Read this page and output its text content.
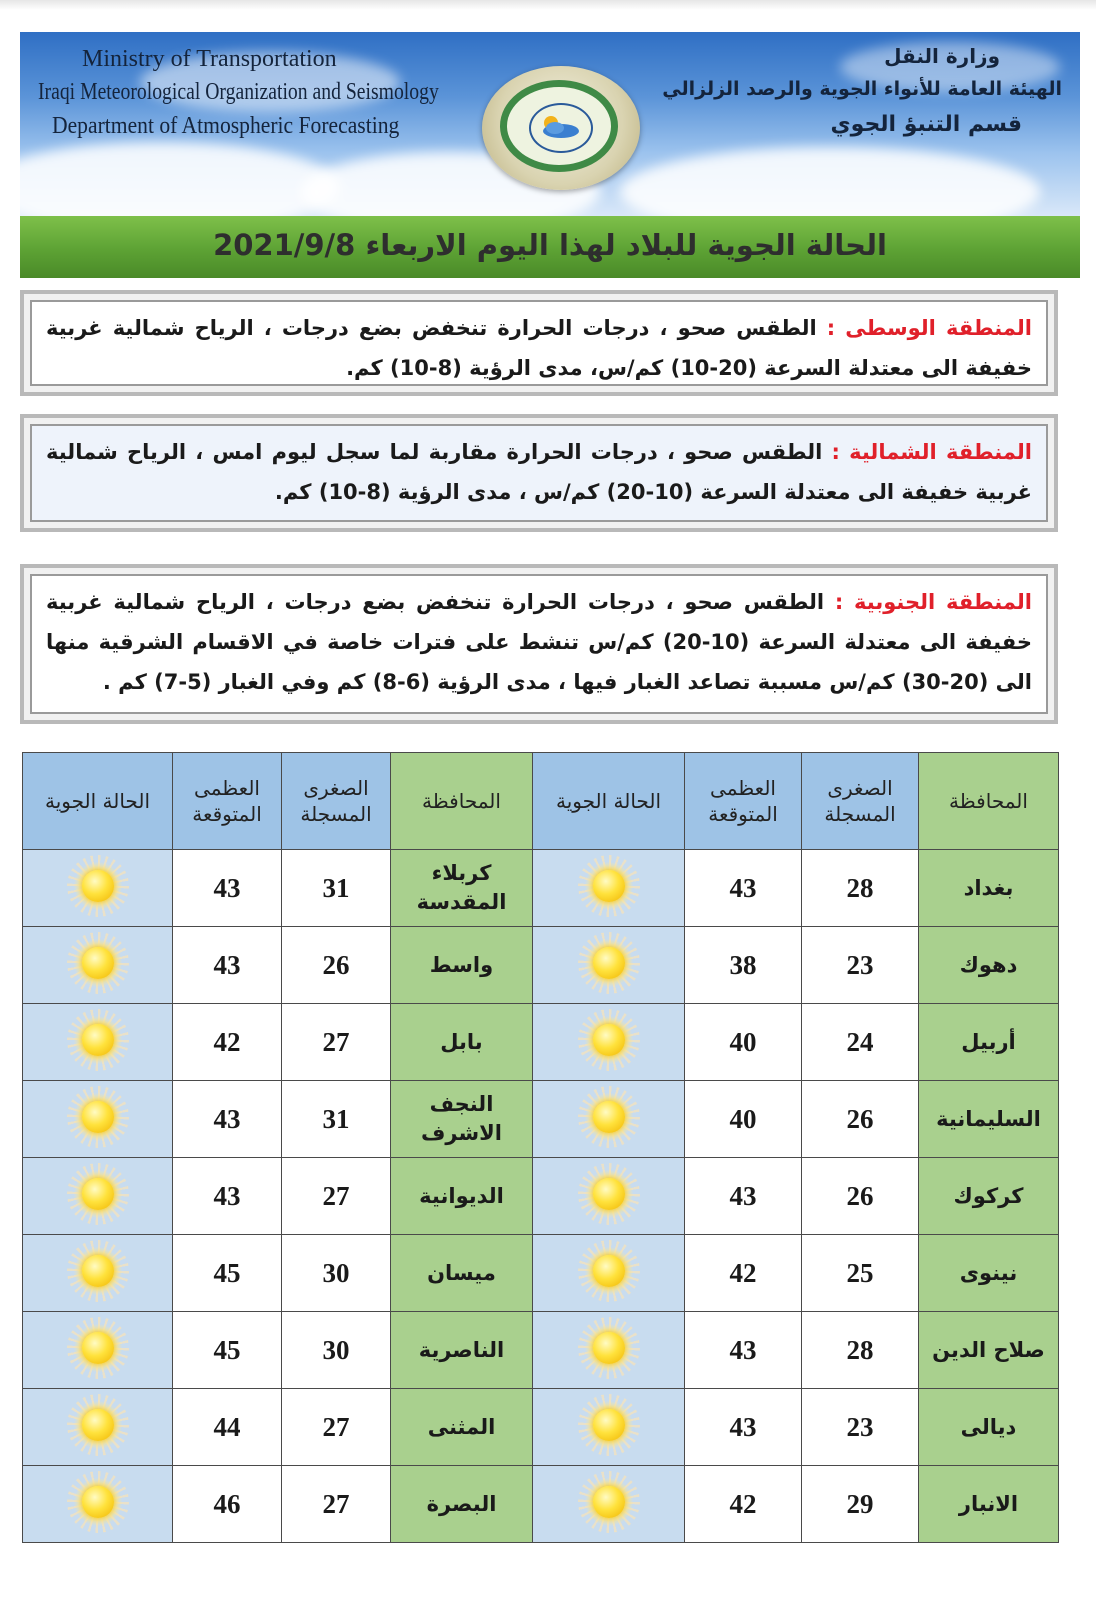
Ministry of Transportation
Iraqi Meteorological Organization and Seismology
Department of Atmospheric Forecasting
وزارة النقل
الهيئة العامة للأنواء الجوية والرصد الزلزالي
قسم التنبؤ الجوي
الحالة الجوية للبلاد لهذا اليوم الاربعاء 2021/9/8
المنطقة الوسطى : الطقس صحو ، درجات الحرارة تنخفض بضع درجات ، الرياح شمالية غربية خفيفة الى معتدلة السرعة (20-10) كم/س، مدى الرؤية (8-10) كم.
المنطقة الشمالية : الطقس صحو ، درجات الحرارة مقاربة لما سجل ليوم امس ، الرياح شمالية غربية خفيفة الى معتدلة السرعة (10-20) كم/س ، مدى الرؤية (8-10) كم.
المنطقة الجنوبية : الطقس صحو ، درجات الحرارة تنخفض بضع درجات ، الرياح شمالية غربية خفيفة الى معتدلة السرعة (10-20) كم/س تنشط على فترات خاصة في الاقسام الشرقية منها الى (20-30) كم/س مسببة تصاعد الغبار فيها ، مدى الرؤية (6-8) كم وفي الغبار (5-7) كم .
الحالة الجوية	العظمى المتوقعة	الصغرى المسجلة	المحافظة	الحالة الجوية	العظمى المتوقعة	الصغرى المسجلة	المحافظة

	43	31	كربلاء المقدسة		43	28	بغداد

	43	26	واسط		38	23	دهوك

	42	27	بابل		40	24	أربيل

	43	31	النجف الاشرف		40	26	السليمانية

	43	27	الديوانية		43	26	كركوك

	45	30	ميسان		42	25	نينوى

	45	30	الناصرية		43	28	صلاح الدين

	44	27	المثنى		43	23	ديالى

	46	27	البصرة		42	29	الانبار
